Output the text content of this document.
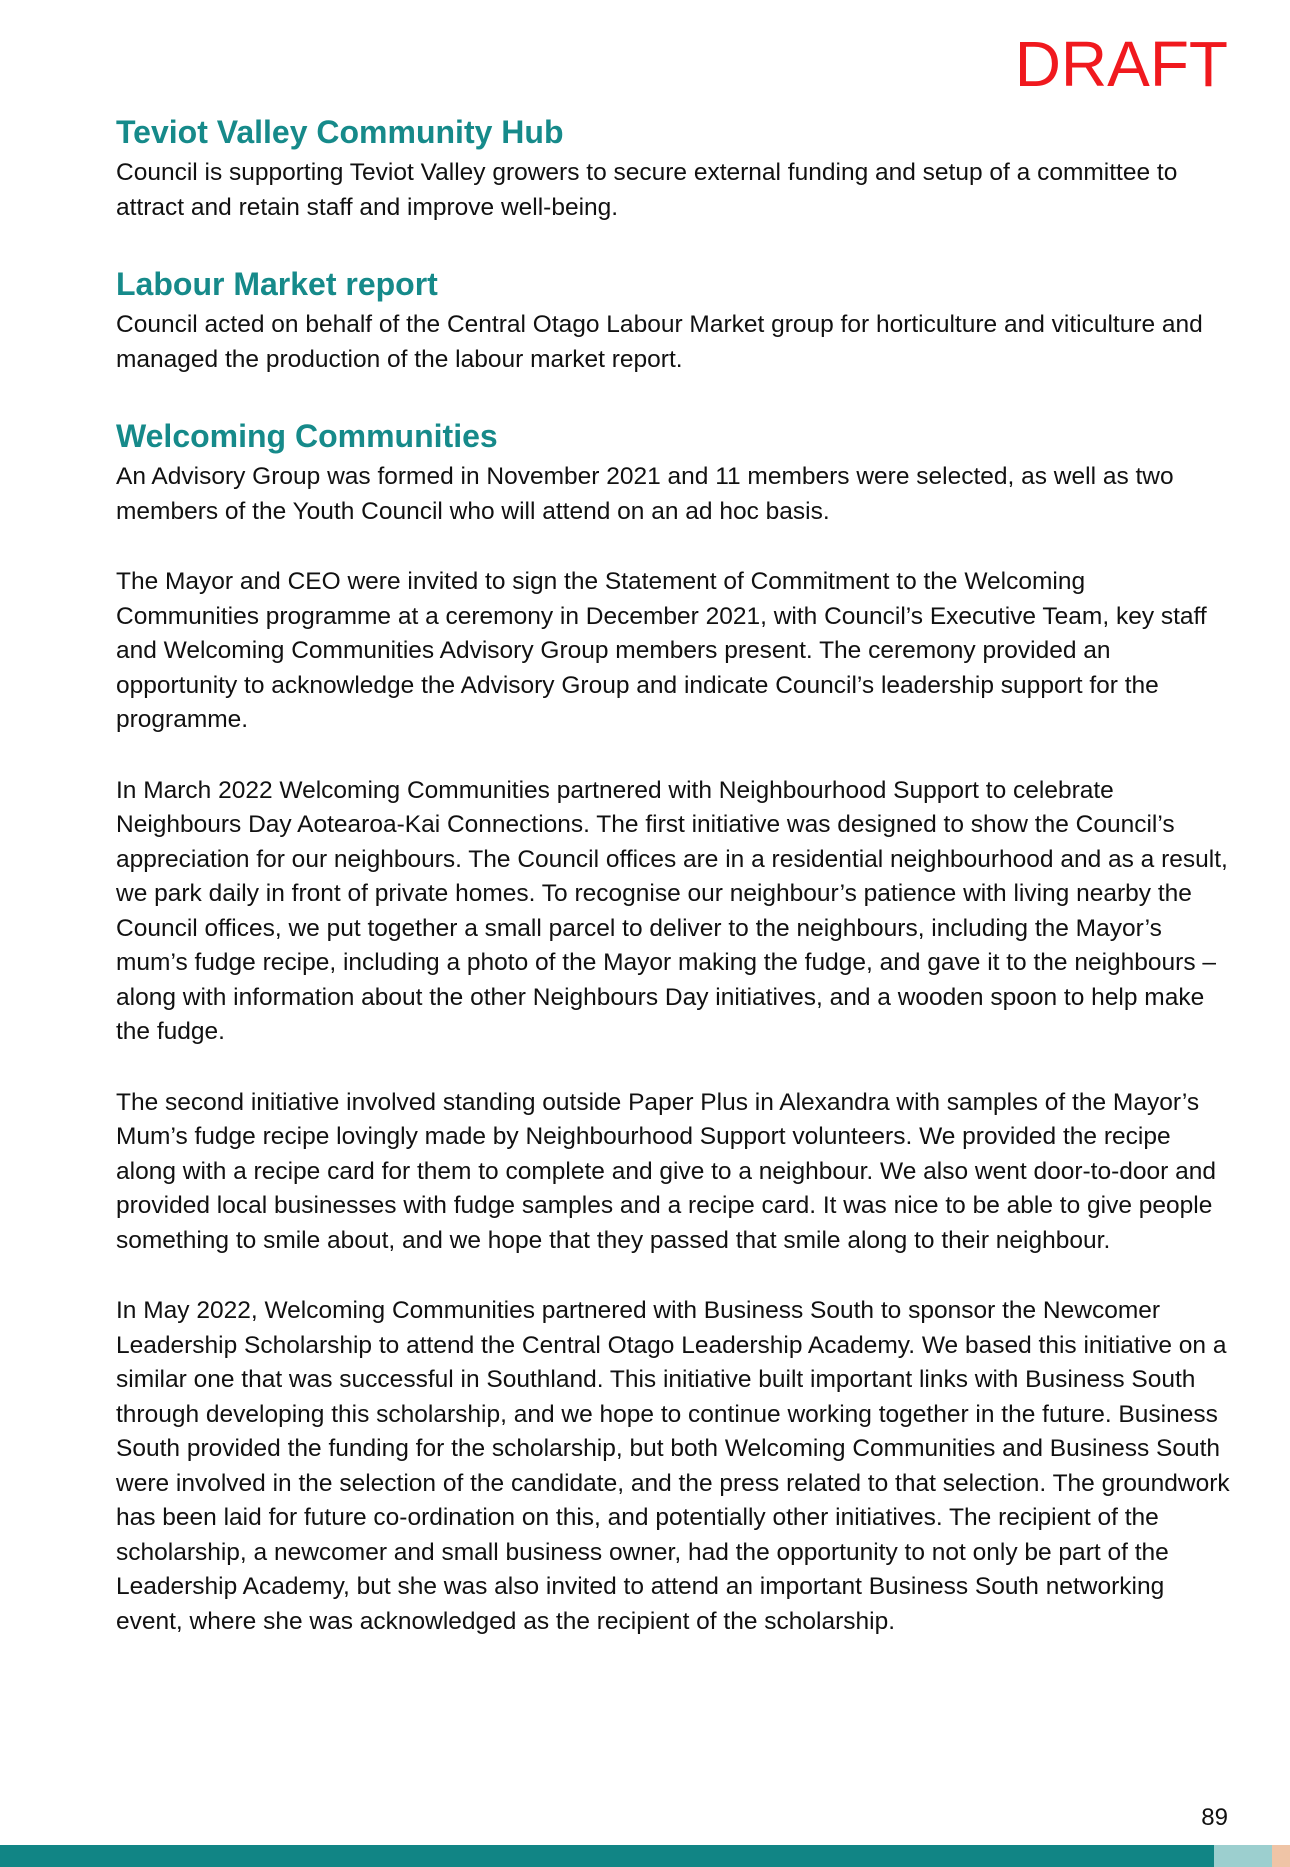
DRAFT
Teviot Valley Community Hub

Council is supporting Teviot Valley growers to secure external funding and setup of a committee to attract and retain staff and improve well-being.

Labour Market report

Council acted on behalf of the Central Otago Labour Market group for horticulture and viticulture and managed the production of the labour market report.

Welcoming Communities

An Advisory Group was formed in November 2021 and 11 members were selected, as well as two members of the Youth Council who will attend on an ad hoc basis.

The Mayor and CEO were invited to sign the Statement of Commitment to the Welcoming Communities programme at a ceremony in December 2021, with Council’s Executive Team, key staff and Welcoming Communities Advisory Group members present. The ceremony provided an opportunity to acknowledge the Advisory Group and indicate Council’s leadership support for the programme.

In March 2022 Welcoming Communities partnered with Neighbourhood Support to celebrate Neighbours Day Aotearoa-Kai Connections. The first initiative was designed to show the Council’s appreciation for our neighbours. The Council offices are in a residential neighbourhood and as a result, we park daily in front of private homes. To recognise our neighbour’s patience with living nearby the Council offices, we put together a small parcel to deliver to the neighbours, including the Mayor’s mum’s fudge recipe, including a photo of the Mayor making the fudge, and gave it to the neighbours – along with information about the other Neighbours Day initiatives, and a wooden spoon to help make the fudge.

The second initiative involved standing outside Paper Plus in Alexandra with samples of the Mayor’s Mum’s fudge recipe lovingly made by Neighbourhood Support volunteers. We provided the recipe along with a recipe card for them to complete and give to a neighbour. We also went door-to-door and provided local businesses with fudge samples and a recipe card. It was nice to be able to give people something to smile about, and we hope that they passed that smile along to their neighbour.

In May 2022, Welcoming Communities partnered with Business South to sponsor the Newcomer Leadership Scholarship to attend the Central Otago Leadership Academy. We based this initiative on a similar one that was successful in Southland. This initiative built important links with Business South through developing this scholarship, and we hope to continue working together in the future. Business South provided the funding for the scholarship, but both Welcoming Communities and Business South were involved in the selection of the candidate, and the press related to that selection. The groundwork has been laid for future co-ordination on this, and potentially other initiatives. The recipient of the scholarship, a newcomer and small business owner, had the opportunity to not only be part of the Leadership Academy, but she was also invited to attend an important Business South networking event, where she was acknowledged as the recipient of the scholarship.

89
